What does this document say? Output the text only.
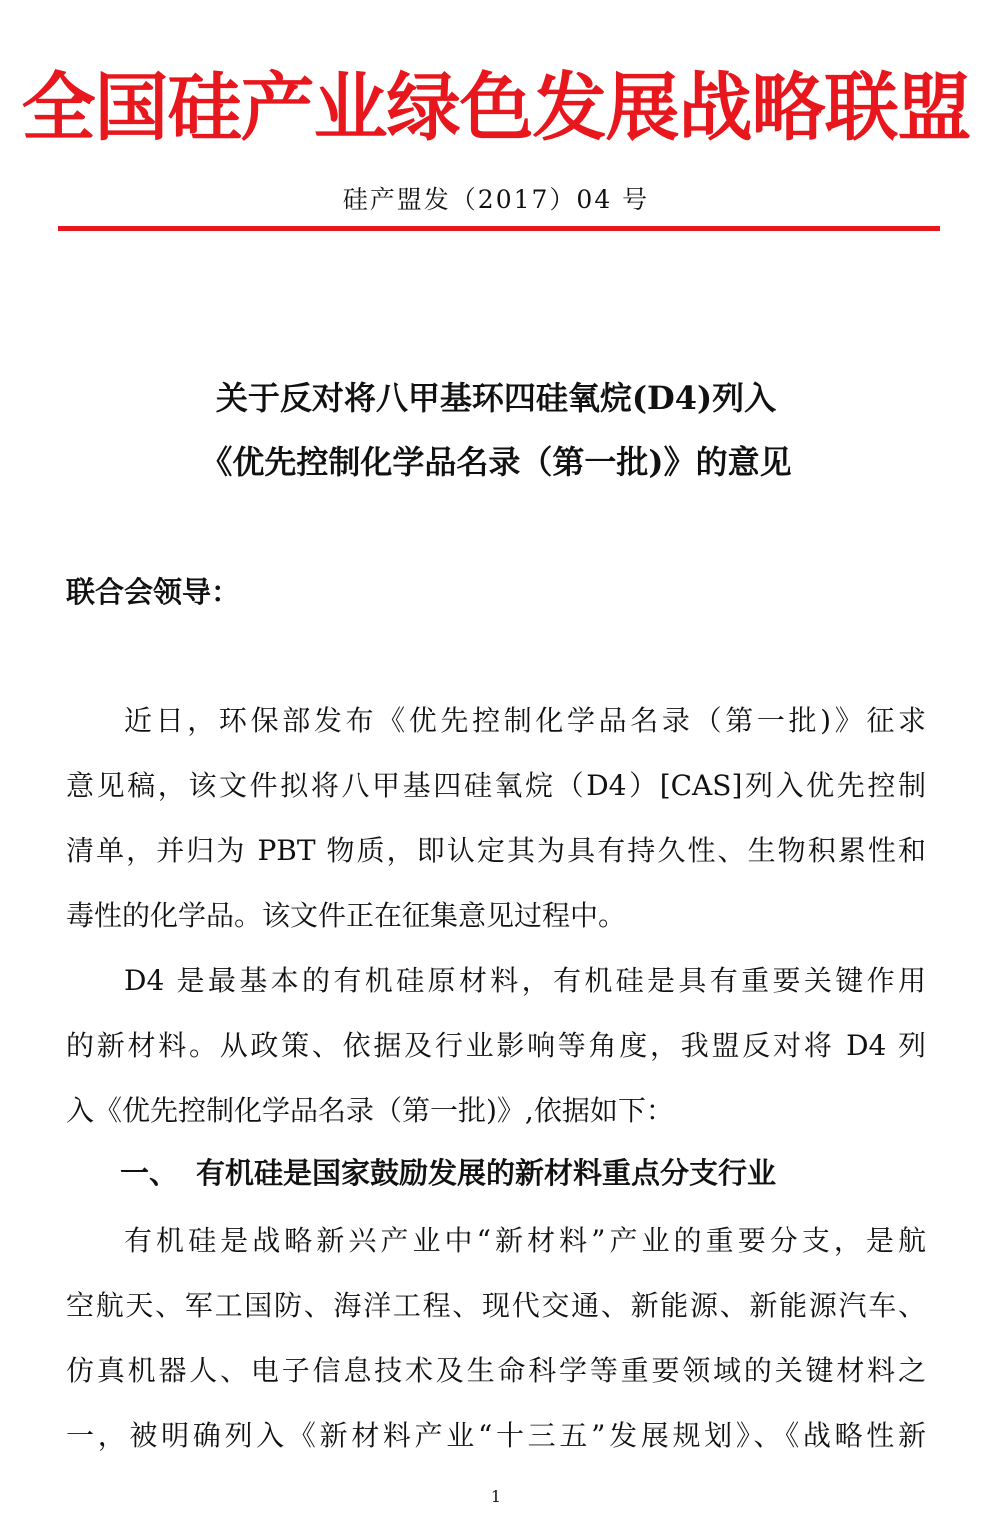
全国硅产业绿色发展战略联盟
硅产盟发（2017）04 号
关于反对将八甲基环四硅氧烷(D4)列入
《优先控制化学品名录（第一批)》的意见
联合会领导：
近日，环保部发布《优先控制化学品名录（第一批)》征求
意见稿，该文件拟将八甲基四硅氧烷（D4）[CAS]列入优先控制
清单，并归为 PBT 物质，即认定其为具有持久性、生物积累性和
毒性的化学品。该文件正在征集意见过程中。
D4 是最基本的有机硅原材料，有机硅是具有重要关键作用
的新材料。从政策、依据及行业影响等角度，我盟反对将 D4 列
入《优先控制化学品名录（第一批)》,依据如下：
一、 有机硅是国家鼓励发展的新材料重点分支行业
有机硅是战略新兴产业中“新材料”产业的重要分支，是航
空航天、军工国防、海洋工程、现代交通、新能源、新能源汽车、
仿真机器人、电子信息技术及生命科学等重要领域的关键材料之
一，被明确列入《新材料产业“十三五”发展规划》、《战略性新
1
